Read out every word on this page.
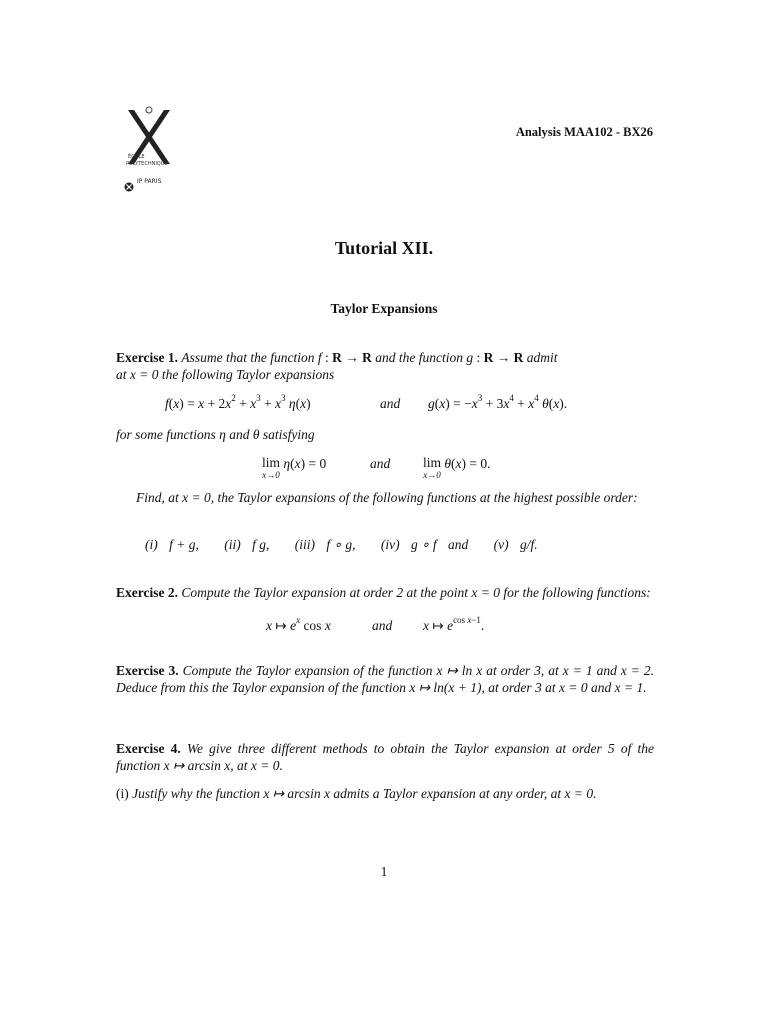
ÉCOLE
POLYTECHNIQUE
IP PARIS
Analysis MAA102 - BX26
Tutorial XII.
Taylor Expansions
Exercise 1. Assume that the function f : R → R and the function g : R → R admit
at x = 0 the following Taylor expansions
$f(x) = x + 2x^2 + x^3 + x^3$ η(x)	and $g(x) = -x^3 + 3x^4 + x^4$ θ(x).
for some functions η and θ satisfying
lim
x→0
η(x) = 0	and lim
x→0
θ(x) = 0.
Find, at x = 0, the Taylor expansions of the following functions at the highest possible order:
(i) f + g, (ii) f g, (iii) f ∘ g, (iv) g ∘ f and (v) g/f.
Exercise 2. Compute the Taylor expansion at order 2 at the point x = 0 for the following functions:
x ↦ $e^x$ cos x	and x ↦ $e^{cos x-1}$.
Exercise 3. Compute the Taylor expansion of the function x ↦ ln x at order 3, at x = 1 and x = 2. Deduce from this the Taylor expansion of the function x ↦ ln(x + 1), at order 3 at x = 0 and x = 1.
Exercise 4. We give three different methods to obtain the Taylor expansion at order 5 of the function x ↦ arcsin x, at x = 0.
(i) Justify why the function x ↦ arcsin x admits a Taylor expansion at any order, at x = 0.
1
